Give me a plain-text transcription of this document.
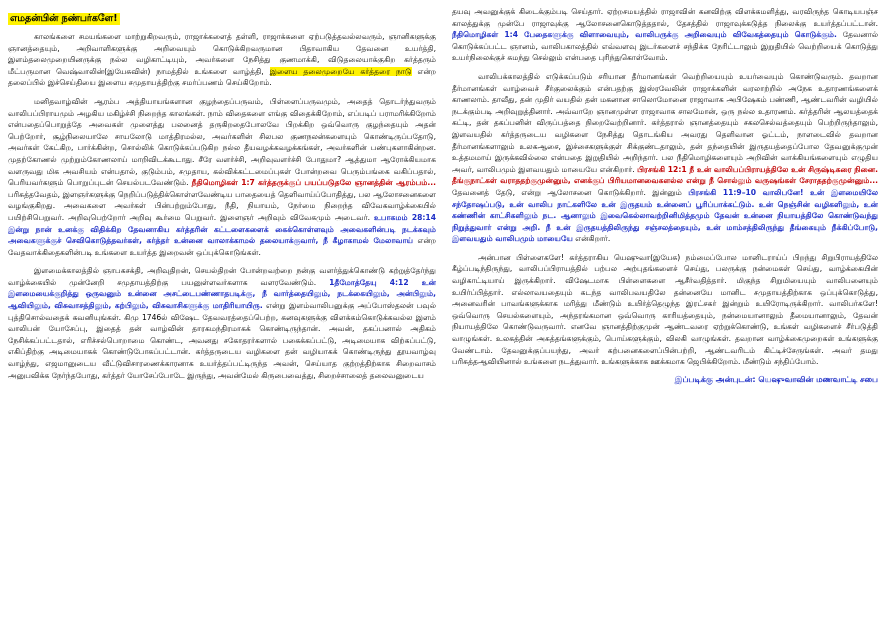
எமதன்பின் நண்பர்களே!

காலங்களை சமயங்களை மாற்றுகிறவரும், ராஜாக்களைத் தள்ளி, ராஜாக்களை ஏற்படுத்தவல்லவரும், ஞானிகளுக்கு ஞானத்தையும், அறிவாளிகளுக்கு அறிவையும் கொடுக்கிறவருமான பிதாவாகிய தேவனை உயர்த்தி, இளம்தலைமுறையினருக்கு நல்ல வழிகாட்டியும், அவர்களை நேசித்து குணமாக்கி, விடுதலையாக்குகிற கர்த்தரும் மீட்பருமான வெஷ்வாலின்(இயேசுவின்) நாமத்தில் உங்களை வாழ்த்தி, இளைய தலைமுறையே கர்த்தரை நாடு என்ற தலைப்பில் இச்செய்தியை இளைய சமுதாயத்திற்கு சமர்ப்பணம் செய்கிறோம்.

மனிதவாழ்வின் ஆரம்ப அத்தியாயங்களான குழந்தைப்பருவம், பிள்ளைப்பருவமும், அதைத் தொடர்ந்துவரும் வாலிபப்பிராயமும் அழகிய மகிழ்ச்சி நிறைந்த காலங்கள். நாம் விதைகளை எங்கு விதைக்கிறோம், எப்படிப் பராமரிக்கிறோம் என்பதைப்பொறுத்தே அவைகள் முளைத்து பலனைத் தருகிறதைபோலவே பிறக்கிற ஒவ்வொரு குழந்தையும் அதன் பெற்றோர், சூழ்நிலையாலே சாயலோடு மாத்திரமல்ல, அவர்களின் சிலபல குணநலன்களையும் கொண்டிருப்பதோடு, அவர்கள் கேட்கிற, பார்க்கின்ற, சொல்லிக் கொடுக்கப்படுகிற நல்ல தீயவழக்கவழக்கங்கள், அவர்களின் பண்புகளாகின்றன. முதற்கோணல் முற்றும்கோணலாய் மாறிவிடக்கூடாது. சீரே வளர்ச்சி, அறிவுவளர்ச்சி போதுமா? ஆத்துமா ஆரோக்கியமாக வளருவது மிக அவசியம் என்பதால், குடும்பம், சமுதாய, கல்விக்கட்டமைப்புகள் போன்றவை பெரும்பங்கை வகிப்பதால், பெரியவர்களும் பொறுப்புடன் செயல்படவேண்டும். நீதிமொழிகள் 1:7 கர்த்தருக்குப் பயப்படுதலே ஞானத்தின் ஆரம்பம்... பரிசுத்தவேதம், இளஞர்களுக்கு நெறிப்படுத்திக்கொள்ளவேண்டிய பாதையைத் தெளிவாய்ப்போதித்து, பல ஆலோசனைகளை வழங்குகிறது. அவைகளை அவர்கள் பின்பற்றும்போது, நீதி, நியாயம், நேர்மை நிறைந்த விவேகவாழ்க்கையில் பயிற்சிபெறுவர். அறிவுபெற்றோர் அறிவு கூர்மை பெறுவர். இளைஞர் அறிவும் விவேகமும் அடைவர். உபாகமம் 28:14 இன்று நான் உனக்கு விதிக்கிற தேவனாகிய கர்த்தரின் கட்டளைகளைக் கைக்கொள்ளவும் அவைகளின்படி நடக்கவும் அவைகளுக்குச் செவிகொடுத்தவர்கள், கர்த்தர் உன்னை வாலாக்காமல் தலையாக்குவார், நீ கீழாகாமல் மேலாவாய் என்ற வேதவாக்கிதைகளின்படி உங்களை உயர்த்த இறைவன் ஒப்புக்கொடுங்கள்.

இளமைக்காலத்தில் ஞாபகசக்தி, அறிவுதிறன், செயல்திறன் போன்றவற்றை நன்கு வளர்த்துக்கொண்டு கற்றுத்தேர்ந்து வாழ்க்கையில் முன்னேறி சமுதாயத்திற்கு பயனுள்ளவர்களாக வளரவேண்டும். 1தீமோத்தேயு 4:12 உன் இளமையைக்குறித்து ஒருவனும் உன்னை அசட்டைபண்ணாதபடிக்கு, நீ வார்த்தையிலும், நடக்கையிலும், அன்பிலும், ஆவியிலும், விசுவாசத்திலும், கற்பிலும், விசுவாசிகளுக்கு மாதிரியாயிரு. என்று இளம்வாலிபனுக்கு அப்போஸ்தலன் பவுல் புத்திசொல்வதைக் கவனியுங்கள். கிமு 1746ல் விஷேட தேவவரத்தைப்பெற்ற, கனவுகளுக்கு விளக்கம்கொடுக்கவல்ல இளம் வாலிபன் யோசேப்பு, இதைத் தன் வாழ்வின் தாரகமந்திரமாகக் கொண்டிருந்தான். அவன், தகப்பனால் அதிகம் நேசிக்கப்பட்டதால், எரிச்சல்பொறாமை கொண்ட, அவனது சகோதரர்களால் பகைக்கப்பட்டு, அடிமையாக விற்கப்பட்டு, எகிப்திற்கு அடிமையாகக் கொண்டுபோகப்பட்டான். கர்த்தருடைய வழிகளை தன் வழியாகக் கொண்டிருந்து தூயவாழ்வு வாழ்ந்து, எஜமானுடைய வீட்டுவிசாரணைக்காரனாக உயர்த்தப்பட்டிருந்த அவன், செய்யாத குற்றத்திற்காக சிறைவாசம் அனுபவிக்க நேர்ந்தபோது, கர்த்தர் யோசேப்போடே இருந்து, அவன்மேல் கிருபைவைத்து, சிறைச்சாலைத் தலைவனுடைய

தயவு அவனுக்குக் கிடைக்கும்படி செய்தார். ஏற்றசமயத்தில் ராஜாவின் கனவிற்கு விளக்கமளித்து, வரவிருந்த கொடியபஞ்ச காலத்துக்கு முன்பே ராஜாவுக்கு ஆலோசனைகொடுத்ததால், தேசத்தில் ராஜாவுக்கடுத்த நிலைக்கு உயர்த்தப்பட்டான். நீதிமொழிகள் 1:4 பேதைகளுக்கு விளாவையும், வாலிபருக்கு அறிவையும் விவேகத்தையும் கொடுக்கும். தேவனால் கொடுக்கப்பட்ட ஞானம், வாலிபகாலத்தில் எவ்வளவு இடர்களைச் சந்திக்க நேரிட்டாலும் இறுதியில் வெற்றியைக் கொடுத்து உயர்நிலைக்குச் சுமந்து செல்லும் என்பதை புரிந்துகொள்வோம்.

வாலிபக்காலத்தில் எடுக்கப்படும் சரியான தீர்மானங்கள் வெற்றியையும் உயர்வையும் கொண்டுவரும். தவறான தீர்மானங்கள் வாழ்வைச் சீர்குலைக்கும் என்பதற்கு இஸ்ரவேலின் ராஜாக்களின் வரலாற்றில் அநேக உதாரணங்களைக் காணலாம். தாவீது, தன் முதிர் வயதில் தன் மகனான சாலொமோனை ராஜாவாக அபிஷேகம் பண்ணி, ஆண்டவரின் வழியில் நடக்கும்படி அறிவுறுத்தினார். அவ்வாறே ஞானமுள்ள ராஜாவாக சாலமோன், ஒரு நல்ல உதாரணம். கர்த்தரின் ஆலயத்தைக் கட்டி, தன் தகப்பனின் விருப்பத்தை நிறைவேற்றினார். கர்த்தரால் ஞானத்தையும் சகலசெல்வத்தையும் பெற்றிருந்தாலும், இளவயதில் கர்த்தருடைய வழிகளை நேசித்து தொடங்கிய அவரது தெளிவான ஓட்டம், நாளடைவில் தவறான தீர்மானங்களாலும் உலகஆசை, இச்சைகளுக்குள் சிக்குண்டதாலும், தன் தந்தையின் இருதயத்தைப்போல தேவனுக்குமுன் உத்தமமாய் இருக்கவில்லை என்பதை இறுதியில் அறிந்தார். பல நீதிமொழிகளையும் அறிவின் வாக்கியங்களையும் எழுதிய அவர், வாலிபமும் இளவயதும் மாயையே என்கிறார். பிரசங்கி 12:1 நீ உன் வாலிபப்பிராயத்திலே உன் சிருஷ்டிகரை நினை. தீங்குநாட்கள் வராததற்குமுன்னும், எனக்குப் பிரியமானவைகளல்ல என்று நீ சொல்லும் வருஷங்கள் சேராததற்குமுன்னும்... தேவனைத் தேடு, என்று ஆலோசனை கொடுக்கிறார். இன்னும் பிரசங்கி 11:9–10 வாலிபனே! உன் இளமையிலே சந்தோஷப்படு, உன் வாலிப நாட்களிலே உன் இருதயம் உன்னைப் பூரிப்பாக்கட்டும். உன் நெஞ்சின் வழிகளிலும், உன் கண்ணின் காட்சிகளிலும் நட. ஆனாலும் இவைகெல்லாவற்றினிமித்தமும் தேவன் உன்னை நியாயத்திலே கொண்டுவந்து நிறுத்துவார் என்று அறி. நீ உன் இருதயத்திலிருந்து சஞ்சலத்தையும், உன் மாம்சத்திலிருந்து தீங்கையும் நீக்கிப்போடு, இளவயதும் வாலிபமும் மாயையே என்கிறார்.

அன்பான பிள்ளைகளே! கர்த்தராகிய யெஷுவா(இயேசு) நம்மைப்போல மானிடராய்ப் பிறந்து சிறுபிராயத்திலே கீழ்ப்படிந்திருந்து, வாலிபப்பிராயத்தில் பற்பல அற்புதங்களைச் செய்து, பலருக்கு நன்மைகள் செய்து, வாழ்க்கையின் வழிகாட்டியாய் இருக்கிறார். விஷேடமாக பிள்ளைகளை ஆசீர்வதித்தார். மிகுந்த சிறுமியையும் வாலிபனையும் உயிர்ப்பித்தார். எல்லாவயதையும் கடந்த வாலிபவயதிலே தன்னையே மானிட சமுதாயத்திற்காக ஒப்புக்கொடுத்து, அனைவரின் பாவங்களுக்காக மரித்து மீண்டும் உயிர்த்தெழுந்த இரட்சகர் இன்றும் உயிரோடிருக்கிறார். வாலிபர்களே! ஒவ்வொரு செயல்களையும், அந்தரங்கமான ஒவ்வொரு காரியத்தையும், நன்மையானாலும் தீமையானாலும், தேவன் நியாயத்திலே கொண்டுவருவார். எனவே ஞானத்திற்குமுன் ஆண்டவரை ஏற்றுக்கொண்டு, உங்கள் வழிகளைச் சீர்படுத்தி வாழுங்கள். உலகத்தின் அசுத்தங்களுக்கும், பொய்களுக்கும், விலகி வாழுங்கள். தவறான வாழ்க்கைமுறைகள் உங்களுக்கு வேண்டாம். தேவனுக்குப்பயந்து, அவர் கற்பனைகளைப்பின்பற்றி, ஆண்டவரிடம் கிட்டிச்சேருங்கள். அவர் தமது பரிசுத்தஆவியினால் உங்களை நடத்துவார். உங்களுக்காக ஊக்கமாக ஜெபிக்கிறோம். மீண்டும் சந்திப்போம்.

இப்படிக்கு அன்புடன்: யெஷுவாவின் மணவாட்டி சபை
